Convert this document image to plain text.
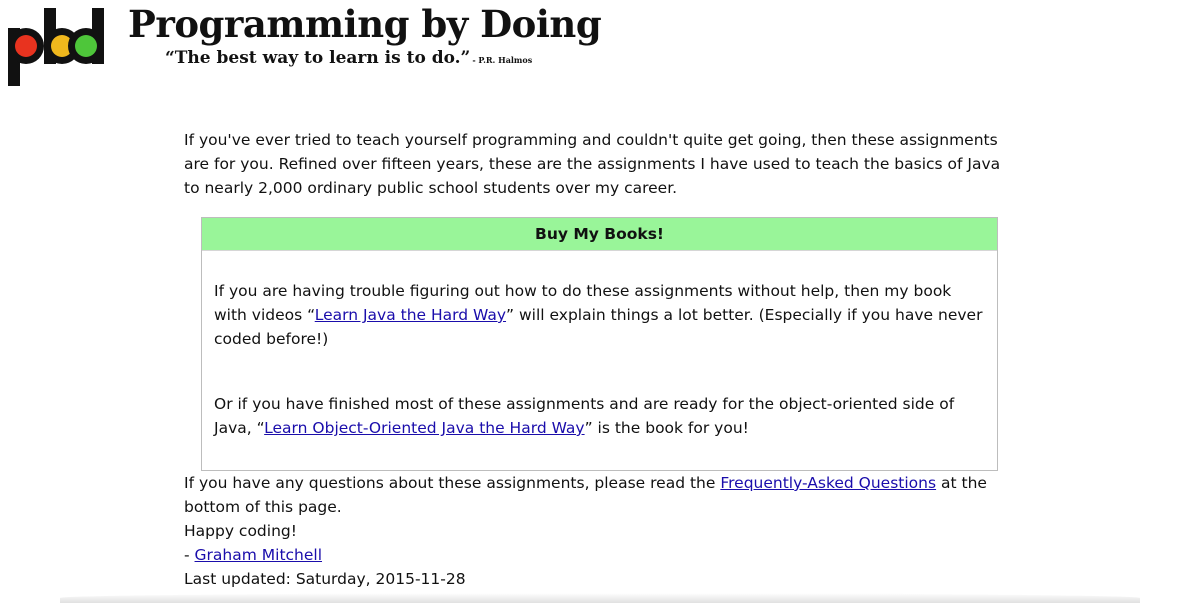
Programming by Doing
“The best way to learn is to do.” - P.R. Halmos

If you've ever tried to teach yourself programming and couldn't quite get going, then these assignments are for you. Refined over fifteen years, these are the assignments I have used to teach the basics of Java to nearly 2,000 ordinary public school students over my career.

Buy My Books!

If you are having trouble figuring out how to do these assignments without help, then my book with videos “Learn Java the Hard Way” will explain things a lot better. (Especially if you have never coded before!)

Or if you have finished most of these assignments and are ready for the object-oriented side of Java, “Learn Object-Oriented Java the Hard Way” is the book for you!

If you have any questions about these assignments, please read the Frequently-Asked Questions at the bottom of this page.

Happy coding!
- Graham Mitchell

Last updated: Saturday, 2015-11-28
